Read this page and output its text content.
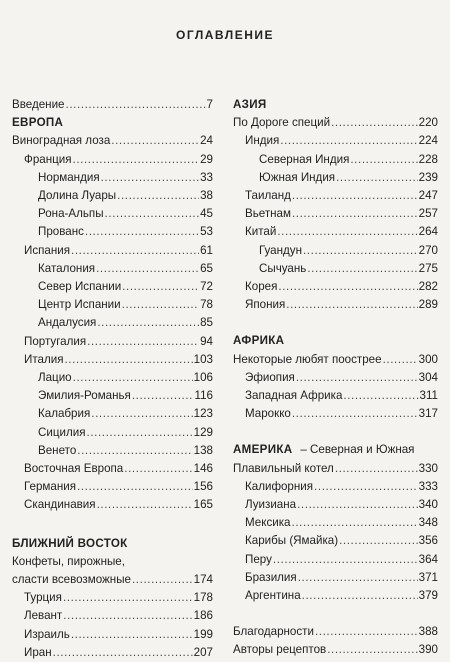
ОГЛАВЛЕНИЕ
Введение .....	7
ЕВРОПА
Виноградная лоза .....	24
Франция .....	29
Нормандия .....	33
Долина Луары .....	38
Рона-Альпы .....	45
Прованс .....	53
Испания .....	61
Каталония .....	65
Север Испании .....	72
Центр Испании .....	78
Андалусия .....	85
Португалия .....	94
Италия .....	103
Лацио .....	106
Эмилия-Романья .....	116
Калабрия .....	123
Сицилия .....	129
Венето .....	138
Восточная Европа .....	146
Германия .....	156
Скандинавия .....	165
БЛИЖНИЙ ВОСТОК
Конфеты, пирожные,
сласти всевозможные .....	174
Турция .....	178
Левант .....	186
Израиль .....	199
Иран .....	207
АЗИЯ
По Дороге специй .....	220
Индия .....	224
Северная Индия .....	228
Южная Индия .....	239
Таиланд .....	247
Вьетнам .....	257
Китай .....	264
Гуандун .....	270
Сычуань .....	275
Корея .....	282
Япония .....	289
АФРИКА
Некоторые любят поострее .....	300
Эфиопия .....	304
Западная Африка .....	311
Марокко .....	317
АМЕРИКА – Северная и Южная
Плавильный котел .....	330
Калифорния .....	333
Луизиана .....	340
Мексика .....	348
Карибы (Ямайка) .....	356
Перу .....	364
Бразилия .....	371
Аргентина .....	379
Благодарности .....	388
Авторы рецептов .....	390
